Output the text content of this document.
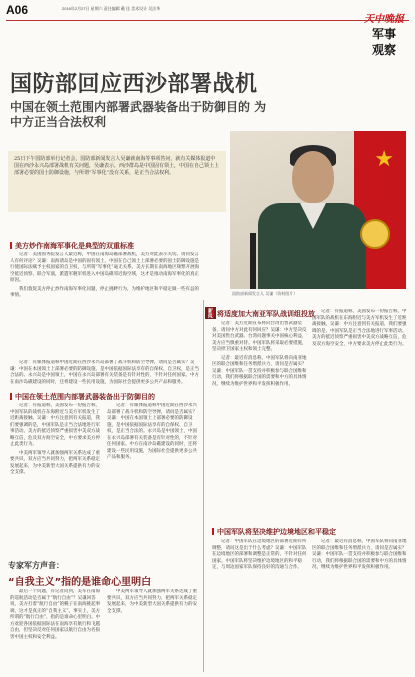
A06	2016年2月27日 星期六 责任编辑 戴 佳 美术设计 吴法华
天中晚报
军事
观察
国防部回应西沙部署战机
中国在领土范围内部署武器装备出于防御目的 为中方正当合法权利
25日下午国防部举行记者会，国防部新闻发言人吴谦就南海等事项答问，就有关媒体报道中国在西沙永兴岛部署战机有关问题，吴谦表示，西沙群岛是中国固有领土，中国在自己领土上部署必要的国土防御设施，与所谓“军事化”没有关系，是正当合法权利。
★
国防部新闻发言人 吴谦（资料图片）
新闻
美方炒作南海军事化是典型的双重标准

记者：美国国务院发言人最近称，中国在南海岛礁部署战机，美方对此表示关切。请问发言人有何评论？吴谦：南海诸岛是中国的固有领土，中国在自己领土上部署必要的国土防御设施是行使国际法赋予主权国家的自卫权，与所谓“军事化”毫无关系。美方长期在南海地区频繁开展海空抵近侦察、联合军演，派遣军舰军机进入中国岛礁邻近海空域，这才是推动南海军事化的真正原因。

我们敦促美方停止炒作南海军事化问题，停止挑衅行为，为维护地区和平稳定做一些有益的事情。

记者：有媒体报道称中国近期在西沙永兴岛部署了战斗机和防空导弹，请问是否属实？吴谦：中国在本国领土上部署必要的防御设施，是中国依据国际法享有的自保权、自卫权，是正当合法的。永兴岛是中国领土，中国在永兴岛部署有关装备是有针对性的，不针对任何国家。中方在南沙岛礁建设的同时，还将建设一些民用设施，为国际社会提供更多公共产品和服务。

中国在领土范围内部署武器装备出于防御目的

记者：有报道称，美国发布一份报告称，中国军队的战机在东海附近与美方军机发生了近距离接触。吴谦：中方注意到有关报道，我们要强调的是，中国军队是正当合法地进行军事活动。美方的抵近侦察严重损害中美双方战略互信，危及双方海空安全，中方要求美方停止此类行为。

中美两军领导人就加强两军关系达成了重要共识，双方应当共同努力，把两军关系稳定发展起来，为中美新型大国关系提供有力的安全支撑。

记者：有媒体报道称中国近期在西沙永兴岛部署了战斗机和防空导弹，请问是否属实？吴谦：中国在本国领土上部署必要的防御设施，是中国依据国际法享有的自保权、自卫权，是正当合法的。永兴岛是中国领土，中国在永兴岛部署有关装备是有针对性的，不针对任何国家。中方在南沙岛礁建设的同时，还将建设一些民用设施，为国际社会提供更多公共产品和服务。

专家军方声音：
“自我主义”指的是谁命心里明白

最后一个问题，有记者问到，美军在南海的巡航活动是否属于“航行自由”？吴谦回答说，美方打着“航行自由”的幌子在南海挑起事端，这才是真正的“自我主义”。事实上，美方所谓的“航行自由”，指的是谁命心里明白。中方欢迎各国依据国际法在南海享有航行和飞越自由，但坚决反对任何国家以航行自由为名损害中国主权和安全利益。

中美两军领导人就加强两军关系达成了重要共识，双方应当共同努力，把两军关系稳定发展起来，为中美新型大国关系提供有力的安全支撑。

将适度加大南亚军队战训组投放

记者：美方近期宣布将向台湾出售武器装备，请问中方对此有何回应？吴谦：中方坚决反对美国售台武器。台湾问题事关中国核心利益，美方应当慎重对待。中国军队将采取必要措施，坚决捍卫国家主权和领土完整。

记者：最近有消息称，中国军队将向南亚地区的联合国维和任务增派兵力，请问是否属实？吴谦：中国军队一贯支持并积极参与联合国维和行动，我们将根据联合国的需要和中方的具体情况，继续为维护世界和平发挥积极作用。

记者：有报道称，美国发布一份报告称，中国军队的战机在东海附近与美方军机发生了近距离接触。吴谦：中方注意到有关报道，我们要强调的是，中国军队是正当合法地进行军事活动。美方的抵近侦察严重损害中美双方战略互信，危及双方海空安全，中方要求美方停止此类行为。

中国军队将坚决维护边境地区和平稳定

记者：中国军队在边境地区的部署近期有所调整，请问这是出于什么考虑？吴谦：中国军队在边境地区的部署和调整是正常的，不针对任何国家。中国军队将坚决维护边境地区的和平稳定，与周边国家军队保持良好的沟通与合作。

记者：最近有消息称，中国军队将向南亚地区的联合国维和任务增派兵力，请问是否属实？吴谦：中国军队一贯支持并积极参与联合国维和行动，我们将根据联合国的需要和中方的具体情况，继续为维护世界和平发挥积极作用。
